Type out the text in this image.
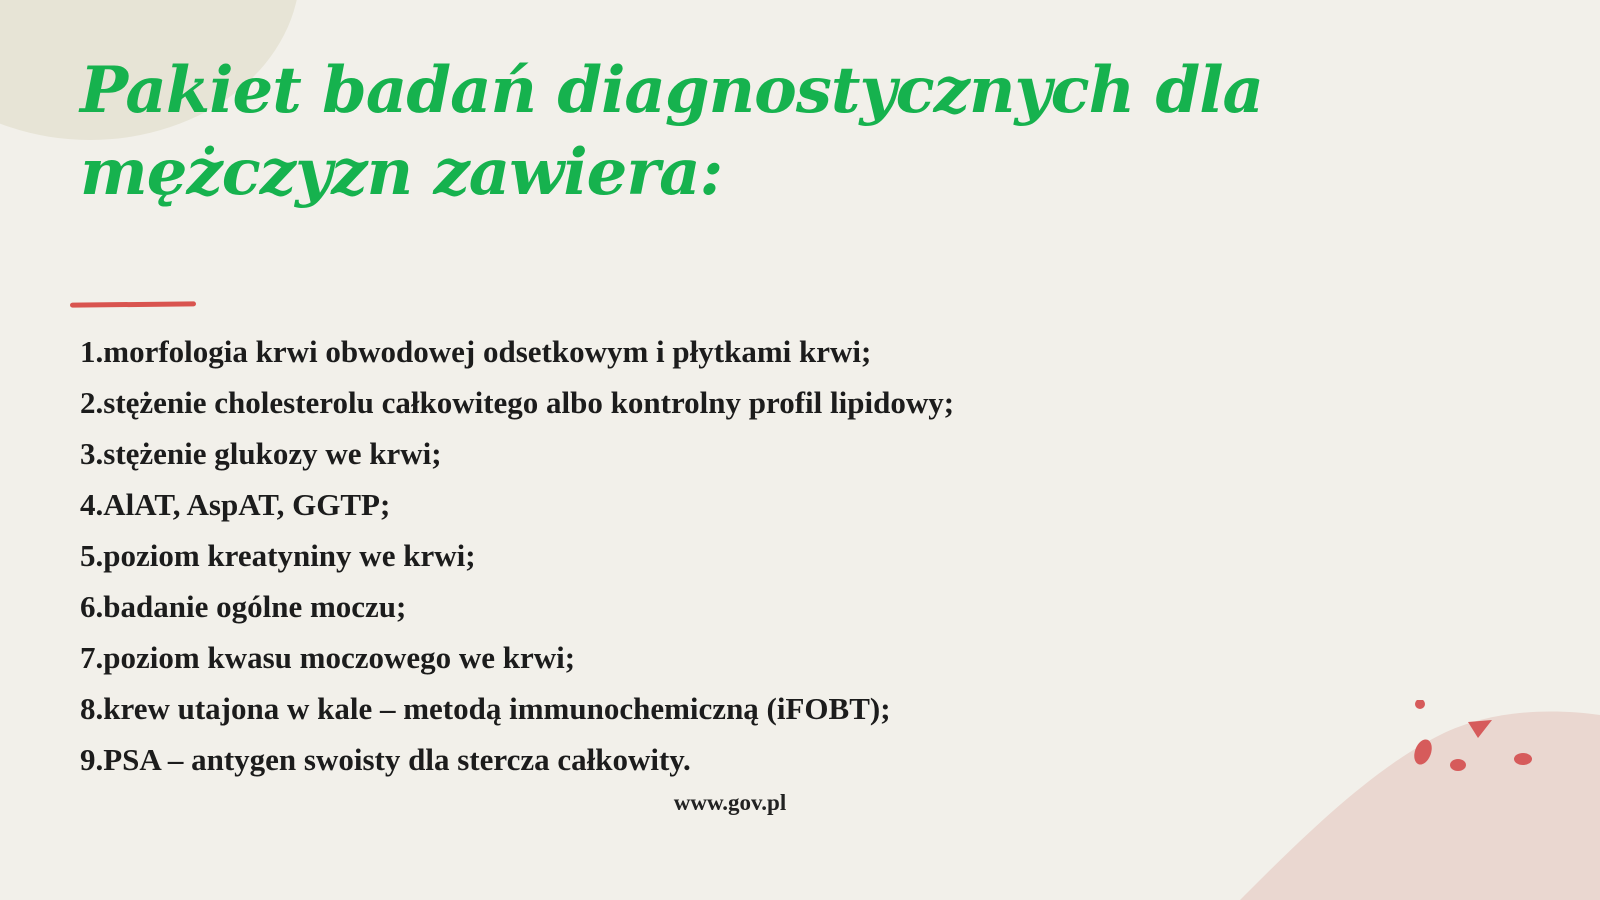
Pakiet badań diagnostycznych dla mężczyzn zawiera:
1.morfologia krwi obwodowej odsetkowym i płytkami krwi;
2.stężenie cholesterolu całkowitego albo kontrolny profil lipidowy;
3.stężenie glukozy we krwi;
4.AlAT, AspAT, GGTP;
5.poziom kreatyniny we krwi;
6.badanie ogólne moczu;
7.poziom kwasu moczowego we krwi;
8.krew utajona w kale – metodą immunochemiczną (iFOBT);
9.PSA – antygen swoisty dla stercza całkowity.
www.gov.pl
